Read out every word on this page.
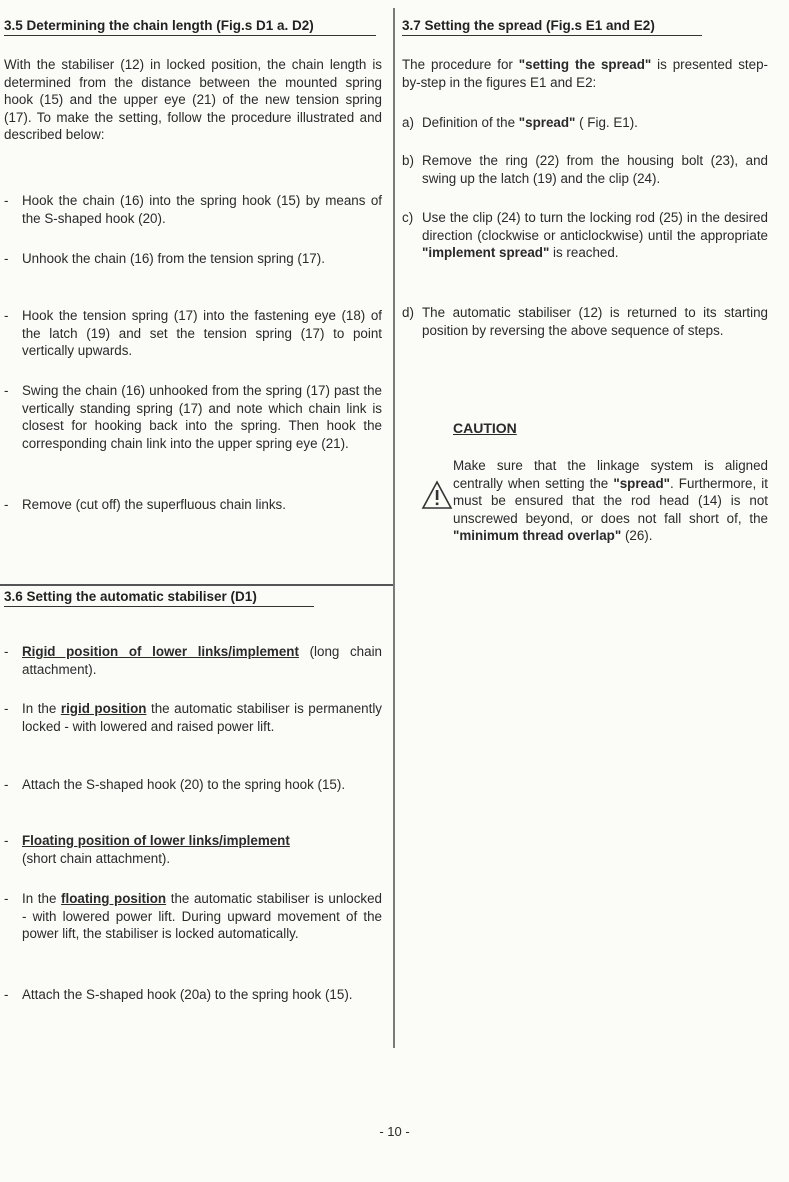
3.5 Determining the chain length (Fig.s D1 a. D2)
With the stabiliser (12) in locked position, the chain length is determined from the distance between the mounted spring hook (15) and the upper eye (21) of the new tension spring (17). To make the setting, follow the procedure illustrated and described below:
- Hook the chain (16) into the spring hook (15) by means of the S-shaped hook (20).
- Unhook the chain (16) from the tension spring (17).
- Hook the tension spring (17) into the fastening eye (18) of the latch (19) and set the tension spring (17) to point vertically upwards.
- Swing the chain (16) unhooked from the spring (17) past the vertically standing spring (17) and note which chain link is closest for hooking back into the spring. Then hook the corresponding chain link into the upper spring eye (21).
- Remove (cut off) the superfluous chain links.
3.6 Setting the automatic stabiliser (D1)
- Rigid position of lower links/implement (long chain attachment).
- In the rigid position the automatic stabiliser is permanently locked - with lowered and raised power lift.
- Attach the S-shaped hook (20) to the spring hook (15).
- Floating position of lower links/implement
(short chain attachment).
- In the floating position the automatic stabiliser is unlocked - with lowered power lift. During upward movement of the power lift, the stabiliser is locked automatically.
- Attach the S-shaped hook (20a) to the spring hook (15).
3.7 Setting the spread (Fig.s E1 and E2)
The procedure for "setting the spread" is presented step-by-step in the figures E1 and E2:
a) Definition of the "spread" ( Fig. E1).
b) Remove the ring (22) from the housing bolt (23), and swing up the latch (19) and the clip (24).
c) Use the clip (24) to turn the locking rod (25) in the desired direction (clockwise or anticlockwise) until the appropriate "implement spread" is reached.
d) The automatic stabiliser (12) is returned to its starting position by reversing the above sequence of steps.
CAUTION
Make sure that the linkage system is aligned centrally when setting the "spread". Furthermore, it must be ensured that the rod head (14) is not unscrewed beyond, or does not fall short of, the "minimum thread overlap" (26).
- 10 -
